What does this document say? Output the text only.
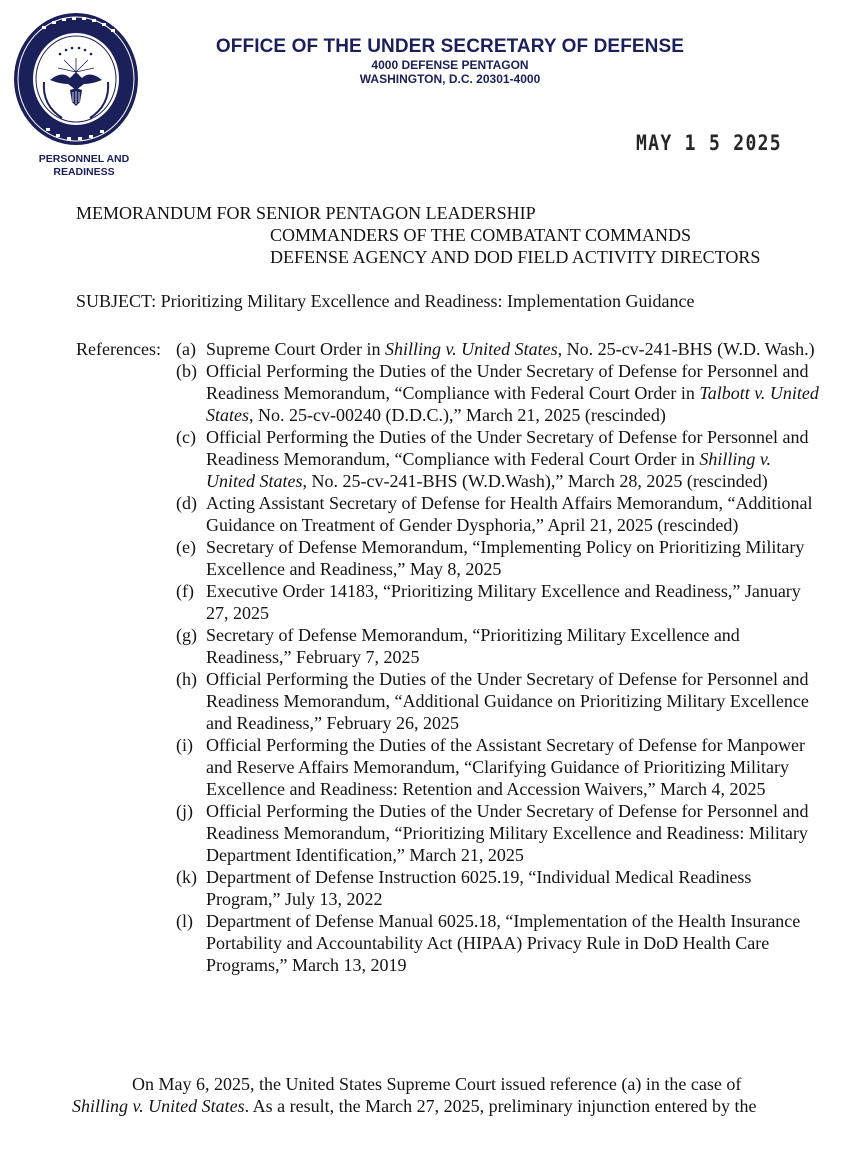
PERSONNEL AND
READINESS
OFFICE OF THE UNDER SECRETARY OF DEFENSE
4000 DEFENSE PENTAGON
WASHINGTON, D.C. 20301-4000
MAY 1 5 2025
MEMORANDUM FOR SENIOR PENTAGON LEADERSHIP
COMMANDERS OF THE COMBATANT COMMANDS
DEFENSE AGENCY AND DOD FIELD ACTIVITY DIRECTORS
SUBJECT: Prioritizing Military Excellence and Readiness: Implementation Guidance
References: (a) Supreme Court Order in Shilling v. United States, No. 25-cv-241-BHS (W.D. Wash.)
(b) Official Performing the Duties of the Under Secretary of Defense for Personnel and Readiness Memorandum, “Compliance with Federal Court Order in Talbott v. United States, No. 25-cv-00240 (D.D.C.),” March 21, 2025 (rescinded)
(c) Official Performing the Duties of the Under Secretary of Defense for Personnel and Readiness Memorandum, “Compliance with Federal Court Order in Shilling v. United States, No. 25-cv-241-BHS (W.D.Wash),” March 28, 2025 (rescinded)
(d) Acting Assistant Secretary of Defense for Health Affairs Memorandum, “Additional Guidance on Treatment of Gender Dysphoria,” April 21, 2025 (rescinded)
(e) Secretary of Defense Memorandum, “Implementing Policy on Prioritizing Military Excellence and Readiness,” May 8, 2025
(f) Executive Order 14183, “Prioritizing Military Excellence and Readiness,” January 27, 2025
(g) Secretary of Defense Memorandum, “Prioritizing Military Excellence and Readiness,” February 7, 2025
(h) Official Performing the Duties of the Under Secretary of Defense for Personnel and Readiness Memorandum, “Additional Guidance on Prioritizing Military Excellence and Readiness,” February 26, 2025
(i) Official Performing the Duties of the Assistant Secretary of Defense for Manpower and Reserve Affairs Memorandum, “Clarifying Guidance of Prioritizing Military Excellence and Readiness: Retention and Accession Waivers,” March 4, 2025
(j) Official Performing the Duties of the Under Secretary of Defense for Personnel and Readiness Memorandum, “Prioritizing Military Excellence and Readiness: Military Department Identification,” March 21, 2025
(k) Department of Defense Instruction 6025.19, “Individual Medical Readiness Program,” July 13, 2022
(l) Department of Defense Manual 6025.18, “Implementation of the Health Insurance Portability and Accountability Act (HIPAA) Privacy Rule in DoD Health Care Programs,” March 13, 2019
On May 6, 2025, the United States Supreme Court issued reference (a) in the case of
Shilling v. United States. As a result, the March 27, 2025, preliminary injunction entered by the
